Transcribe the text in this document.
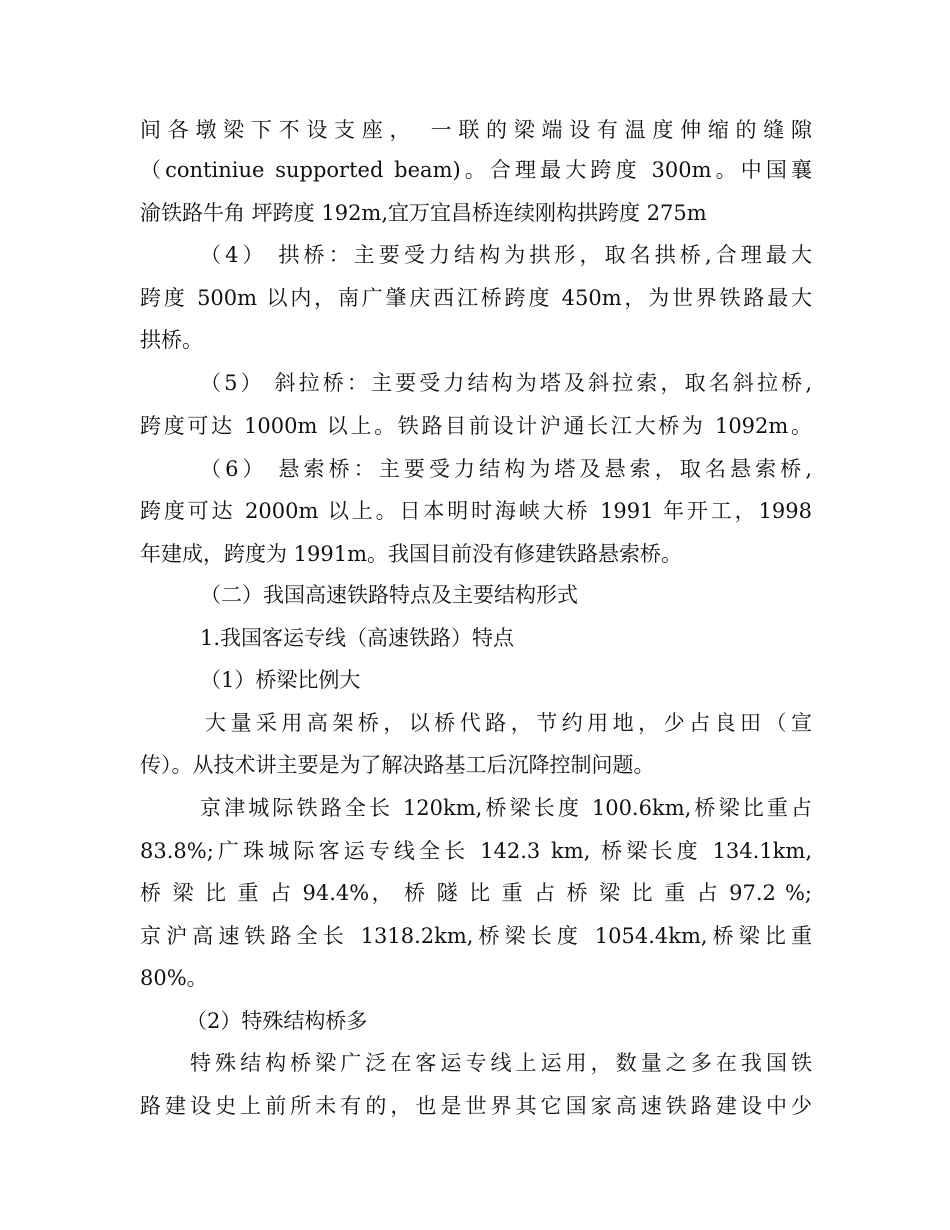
间各墩梁下不设支座， 一联的梁端设有温度伸缩的缝隙
（continiue supported beam)。合理最大跨度 300m。中国襄
渝铁路牛角 坪跨度 192m,宜万宜昌桥连续刚构拱跨度 275m
（4） 拱桥：主要受力结构为拱形，取名拱桥,合理最大
跨度 500m 以内，南广肇庆西江桥跨度 450m，为世界铁路最大
拱桥。
（5） 斜拉桥：主要受力结构为塔及斜拉索，取名斜拉桥,
跨度可达 1000m 以上。铁路目前设计沪通长江大桥为 1092m。
（6） 悬索桥：主要受力结构为塔及悬索，取名悬索桥,
跨度可达 2000m 以上。日本明时海峡大桥 1991 年开工，1998
年建成，跨度为 1991m。我国目前没有修建铁路悬索桥。
（二）我国高速铁路特点及主要结构形式
1.我国客运专线（高速铁路）特点
（1）桥梁比例大
大量采用高架桥，以桥代路，节约用地，少占良田（宣
传）。从技术讲主要是为了解决路基工后沉降控制问题。
京津城际铁路全长 120km,桥梁长度 100.6km,桥梁比重占
83.8%;广珠城际客运专线全长 142.3 km, 桥梁长度 134.1km,
桥 梁 比 重 占 94.4%， 桥 隧 比 重 占 桥 梁 比 重 占 97.2 %;
京沪高速铁路全长 1318.2km,桥梁长度 1054.4km,桥梁比重
80%。
（2）特殊结构桥多
特殊结构桥梁广泛在客运专线上运用，数量之多在我国铁
路建设史上前所未有的，也是世界其它国家高速铁路建设中少
